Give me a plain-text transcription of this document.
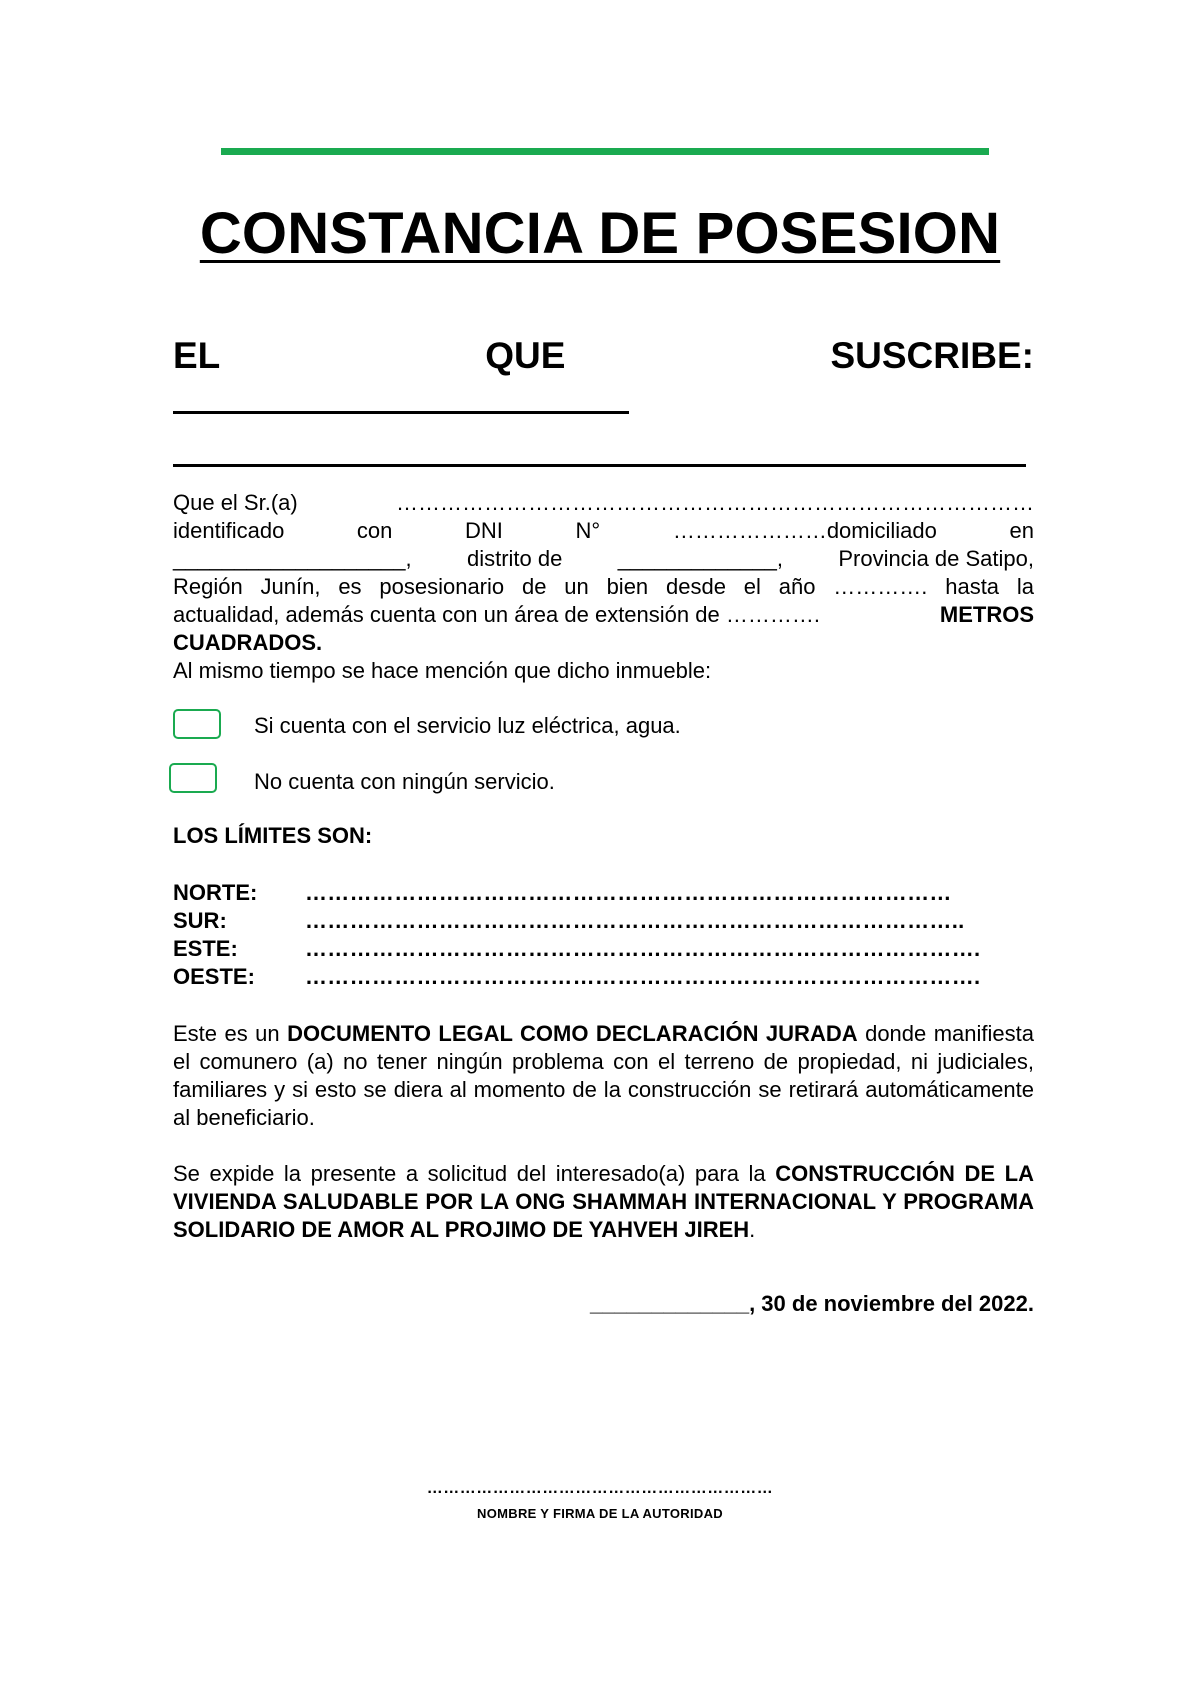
CONSTANCIA DE POSESION
EL	QUE	SUSCRIBE:
Que el Sr.(a)	……………………………………………………………………………
identificado	con	DNI	N°	…………………domiciliado	en
___________________,	distrito de	_____________,	Provincia de Satipo,
Región Junín, es posesionario de un bien desde el año …………. hasta la
actualidad, además cuenta con un área de extensión de ………….	METROS
CUADRADOS.
Al mismo tiempo se hace mención que dicho inmueble:
Si cuenta con el servicio luz eléctrica, agua.
No cuenta con ningún servicio.
LOS LÍMITES SON:
NORTE:	……………………………………………………………………………
SUR:	……………………………………………………………………………..
ESTE:	……………………………………………………………………………….
OESTE:	……………………………………………………………………………….
Este es un DOCUMENTO LEGAL COMO DECLARACIÓN JURADA donde manifiesta el comunero (a) no tener ningún problema con el terreno de propiedad, ni judiciales, familiares y si esto se diera al momento de la construcción se retirará automáticamente al beneficiario.
Se expide la presente a solicitud del interesado(a) para la CONSTRUCCIÓN DE LA VIVIENDA SALUDABLE POR LA ONG SHAMMAH INTERNACIONAL Y PROGRAMA SOLIDARIO DE AMOR AL PROJIMO DE YAHVEH JIREH.
_____________, 30 de noviembre del 2022.
………………………………………………………
NOMBRE Y FIRMA DE LA AUTORIDAD
